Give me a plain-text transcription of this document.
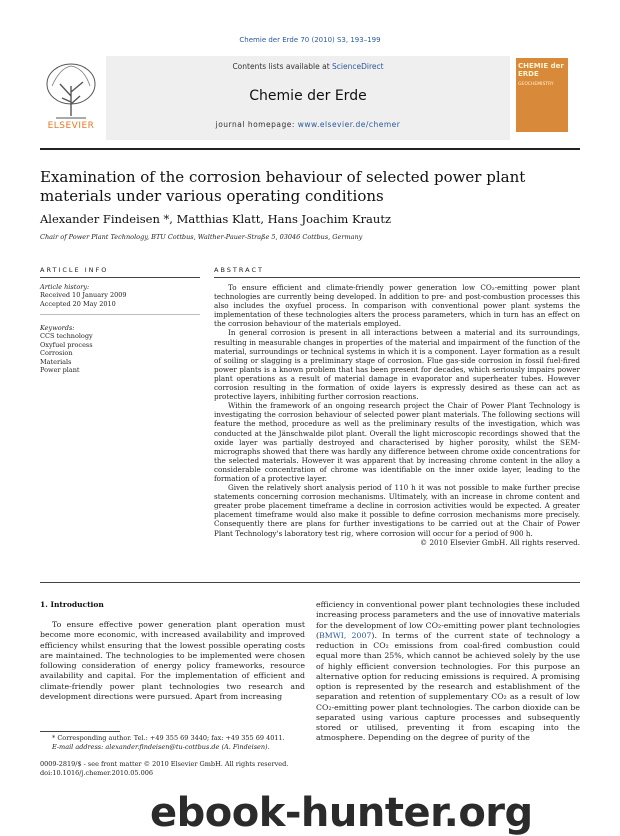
Chemie der Erde 70 (2010) S3, 193–199
ELSEVIER
Contents lists available at ScienceDirect
Chemie der Erde
journal homepage: www.elsevier.de/chemer
CHEMIE der ERDE
GEOCHEMISTRY
Examination of the corrosion behaviour of selected power plant materials under various operating conditions
Alexander Findeisen *, Matthias Klatt, Hans Joachim Krautz
Chair of Power Plant Technology, BTU Cottbus, Walther-Pauer-Straße 5, 03046 Cottbus, Germany
ARTICLE INFO
Article history:
Received 10 January 2009
Accepted 20 May 2010
Keywords:
CCS technology
Oxyfuel process
Corrosion
Materials
Power plant
ABSTRACT

To ensure efficient and climate-friendly power generation low CO₂-emitting power plant technologies are currently being developed. In addition to pre- and post-combustion processes this also includes the oxyfuel process. In comparison with conventional power plant systems the implementation of these technologies alters the process parameters, which in turn has an effect on the corrosion behaviour of the materials employed.

In general corrosion is present in all interactions between a material and its surroundings, resulting in measurable changes in properties of the material and impairment of the function of the material, surroundings or technical systems in which it is a component. Layer formation as a result of soiling or slagging is a preliminary stage of corrosion. Flue gas-side corrosion in fossil fuel-fired power plants is a known problem that has been present for decades, which seriously impairs power plant operations as a result of material damage in evaporator and superheater tubes. However corrosion resulting in the formation of oxide layers is expressly desired as these can act as protective layers, inhibiting further corrosion reactions.

Within the framework of an ongoing research project the Chair of Power Plant Technology is investigating the corrosion behaviour of selected power plant materials. The following sections will feature the method, procedure as well as the preliminary results of the investigation, which was conducted at the Jänschwalde pilot plant. Overall the light microscopic recordings showed that the oxide layer was partially destroyed and characterised by higher porosity, whilst the SEM-micrographs showed that there was hardly any difference between chrome oxide concentrations for the selected materials. However it was apparent that by increasing chrome content in the alloy a considerable concentration of chrome was identifiable on the inner oxide layer, leading to the formation of a protective layer.

Given the relatively short analysis period of 110 h it was not possible to make further precise statements concerning corrosion mechanisms. Ultimately, with an increase in chrome content and greater probe placement timeframe a decline in corrosion activities would be expected. A greater placement timeframe would also make it possible to define corrosion mechanisms more precisely. Consequently there are plans for further investigations to be carried out at the Chair of Power Plant Technology's laboratory test rig, where corrosion will occur for a period of 900 h.

© 2010 Elsevier GmbH. All rights reserved.

1. Introduction

To ensure effective power generation plant operation must become more economic, with increased availability and improved efficiency whilst ensuring that the lowest possible operating costs are maintained. The technologies to be implemented were chosen following consideration of energy policy frameworks, resource availability and capital. For the implementation of efficient and climate-friendly power plant technologies two research and development directions were pursued. Apart from increasing

efficiency in conventional power plant technologies these included increasing process parameters and the use of innovative materials for the development of low CO₂-emitting power plant technologies (BMWI, 2007). In terms of the current state of technology a reduction in CO₂ emissions from coal-fired combustion could equal more than 25%, which cannot be achieved solely by the use of highly efficient conversion technologies. For this purpose an alternative option for reducing emissions is required. A promising option is represented by the research and establishment of the separation and retention of supplementary CO₂ as a result of low CO₂-emitting power plant technologies. The carbon dioxide can be separated using various capture processes and subsequently stored or utilised, preventing it from escaping into the atmosphere. Depending on the degree of purity of the

* Corresponding author. Tel.: +49 355 69 3440; fax: +49 355 69 4011.
E-mail address: alexander.findeisen@tu-cottbus.de (A. Findeisen).
0009-2819/$ - see front matter © 2010 Elsevier GmbH. All rights reserved.
doi:10.1016/j.chemer.2010.05.006
ebook-hunter.org
